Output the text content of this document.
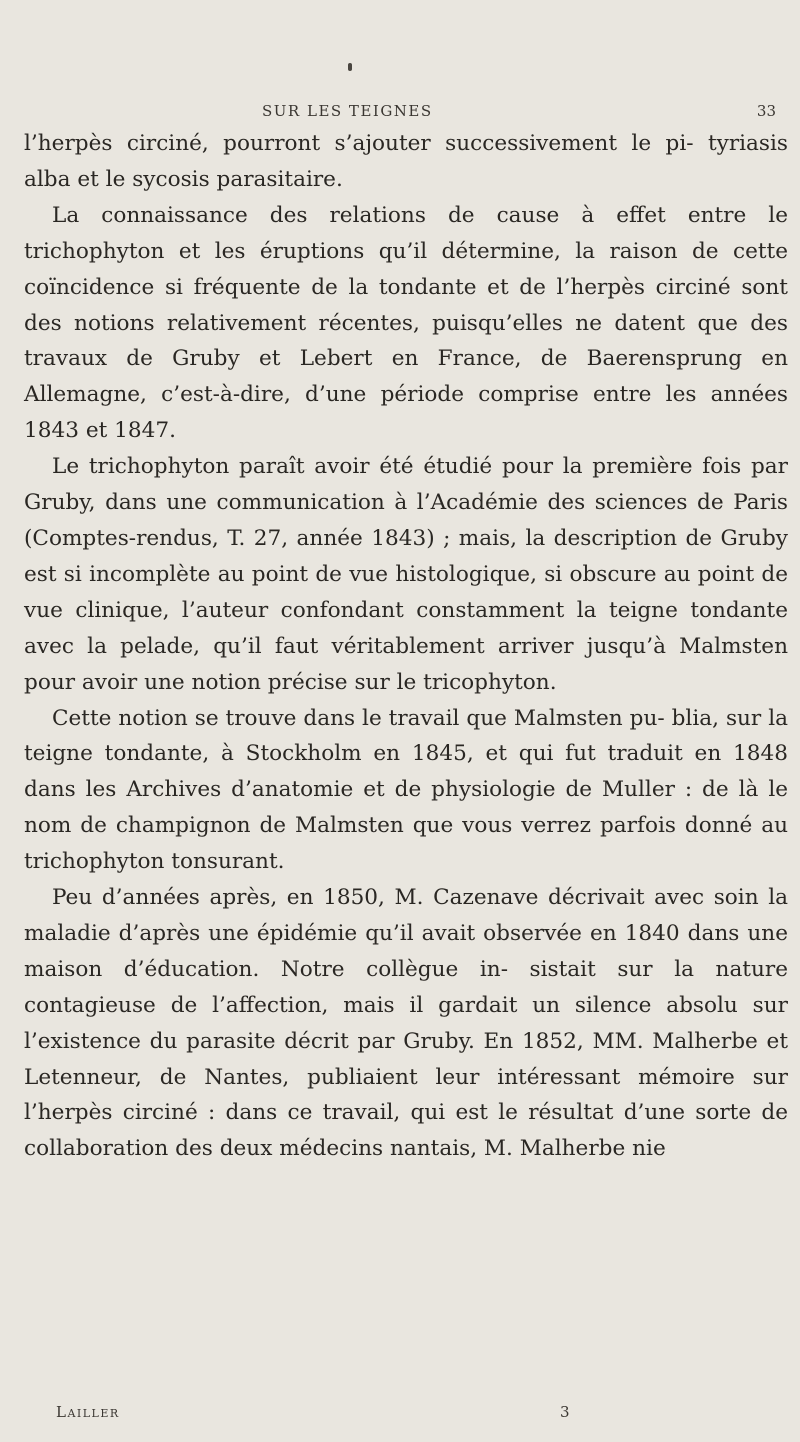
SUR LES TEIGNES	33

l’herpès circiné, pourront s’ajouter successivement le pi- tyriasis alba et le sycosis parasitaire.

La connaissance des relations de cause à effet entre le trichophyton et les éruptions qu’il détermine, la raison de cette coïncidence si fréquente de la tondante et de l’herpès circiné sont des notions relativement récentes, puisqu’elles ne datent que des travaux de Gruby et Lebert en France, de Baerensprung en Allemagne, c’est-à-dire, d’une période comprise entre les années 1843 et 1847.

Le trichophyton paraît avoir été étudié pour la première fois par Gruby, dans une communication à l’Académie des sciences de Paris (Comptes-rendus, T. 27, année 1843) ; mais, la description de Gruby est si incomplète au point de vue histologique, si obscure au point de vue clinique, l’auteur confondant constamment la teigne tondante avec la pelade, qu’il faut véritablement arriver jusqu’à Malmsten pour avoir une notion précise sur le tricophyton.

Cette notion se trouve dans le travail que Malmsten pu- blia, sur la teigne tondante, à Stockholm en 1845, et qui fut traduit en 1848 dans les Archives d’anatomie et de physiologie de Muller : de là le nom de champignon de Malmsten que vous verrez parfois donné au trichophyton tonsurant.

Peu d’années après, en 1850, M. Cazenave décrivait avec soin la maladie d’après une épidémie qu’il avait observée en 1840 dans une maison d’éducation. Notre collègue in- sistait sur la nature contagieuse de l’affection, mais il gardait un silence absolu sur l’existence du parasite décrit par Gruby. En 1852, MM. Malherbe et Letenneur, de Nantes, publiaient leur intéressant mémoire sur l’herpès circiné : dans ce travail, qui est le résultat d’une sorte de collaboration des deux médecins nantais, M. Malherbe nie

Lailler	3
